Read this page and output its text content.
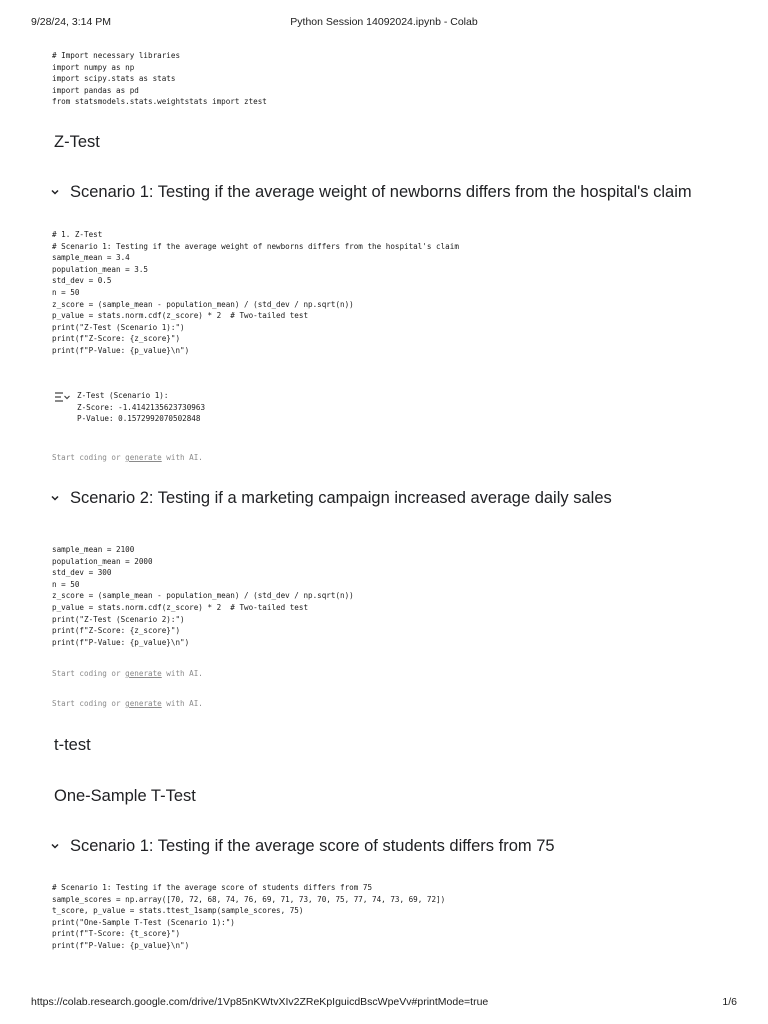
9/28/24, 3:14 PM	Python Session 14092024.ipynb - Colab
# Import necessary libraries
import numpy as np
import scipy.stats as stats
import pandas as pd
from statsmodels.stats.weightstats import ztest
Z-Test
Scenario 1: Testing if the average weight of newborns differs from the hospital's claim
# 1. Z-Test
# Scenario 1: Testing if the average weight of newborns differs from the hospital's claim
sample_mean = 3.4
population_mean = 3.5
std_dev = 0.5
n = 50
z_score = (sample_mean - population_mean) / (std_dev / np.sqrt(n))
p_value = stats.norm.cdf(z_score) * 2  # Two-tailed test
print("Z-Test (Scenario 1):")
print(f"Z-Score: {z_score}")
print(f"P-Value: {p_value}\n")
Z-Test (Scenario 1):
Z-Score: -1.4142135623730963
P-Value: 0.1572992070502848
Start coding or generate with AI.
Scenario 2: Testing if a marketing campaign increased average daily sales
sample_mean = 2100
population_mean = 2000
std_dev = 300
n = 50
z_score = (sample_mean - population_mean) / (std_dev / np.sqrt(n))
p_value = stats.norm.cdf(z_score) * 2  # Two-tailed test
print("Z-Test (Scenario 2):")
print(f"Z-Score: {z_score}")
print(f"P-Value: {p_value}\n")
Start coding or generate with AI.
Start coding or generate with AI.
t-test
One-Sample T-Test
Scenario 1: Testing if the average score of students differs from 75
# Scenario 1: Testing if the average score of students differs from 75
sample_scores = np.array([70, 72, 68, 74, 76, 69, 71, 73, 70, 75, 77, 74, 73, 69, 72])
t_score, p_value = stats.ttest_1samp(sample_scores, 75)
print("One-Sample T-Test (Scenario 1):")
print(f"T-Score: {t_score}")
print(f"P-Value: {p_value}\n")
https://colab.research.google.com/drive/1Vp85nKWtvXIv2ZReKpIguicdBscWpeVv#printMode=true	1/6
